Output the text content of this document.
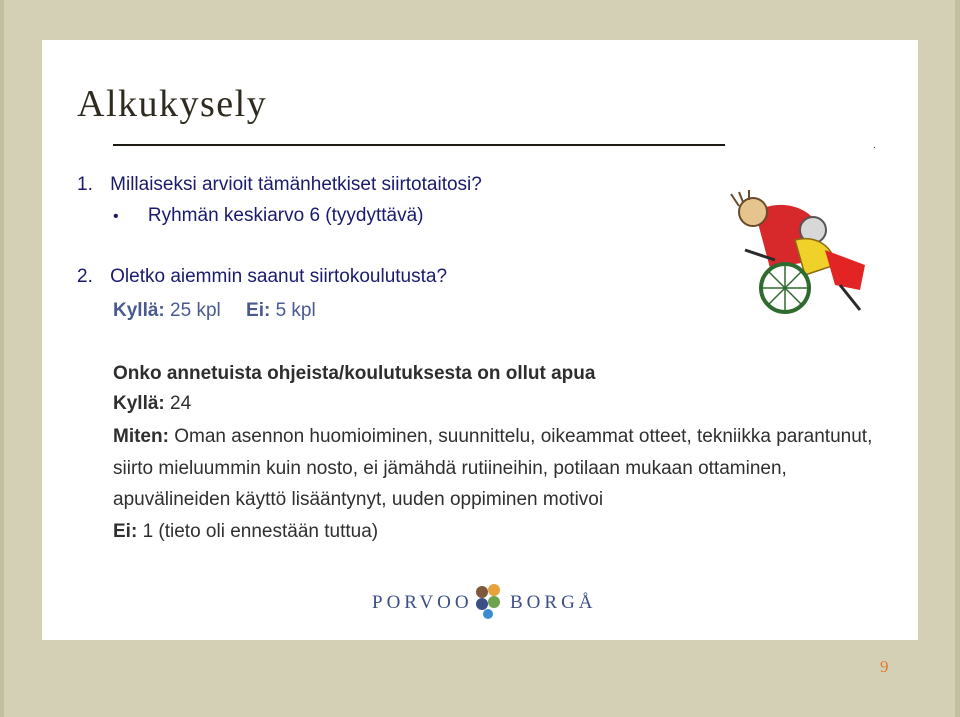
Alkukysely
.

1. Millaiseksi arvioit tämänhetkiset siirtotaitosi?

• Ryhmän keskiarvo 6 (tyydyttävä)

2. Oletko aiemmin saanut siirtokoulutusta?

Kyllä: 25 kpl Ei: 5 kpl

Onko annetuista ohjeista/koulutuksesta on ollut apua

Kyllä: 24

Miten: Oman asennon huomioiminen, suunnittelu, oikeammat otteet, tekniikka parantunut, siirto mieluummin kuin nosto, ei jämähdä rutiineihin, potilaan mukaan ottaminen, apuvälineiden käyttö lisääntynyt, uuden oppiminen motivoi
Ei: 1 (tieto oli ennestään tuttua)

PORVOO BORGÅ
9
